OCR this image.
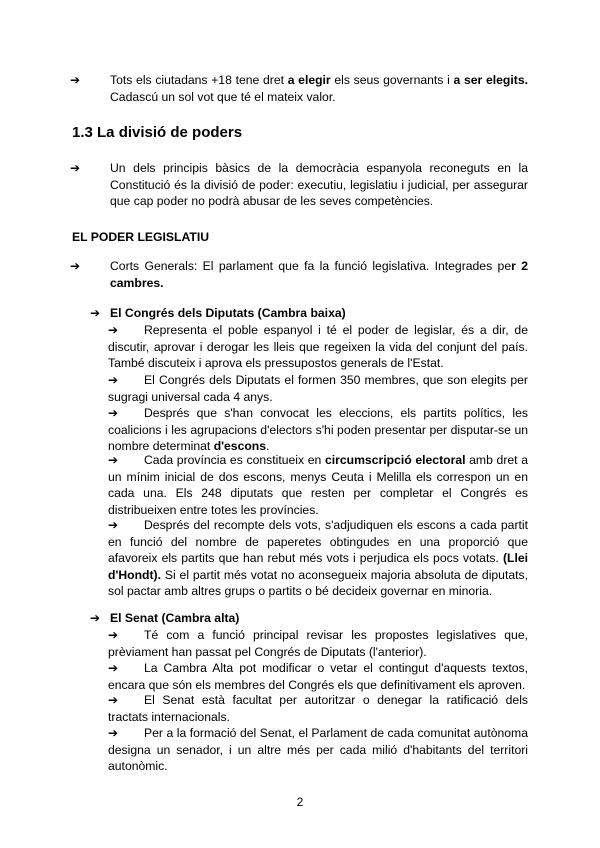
➔ Tots els ciutadans +18 tene dret a elegir els seus governants i a ser elegits. Cadascú un sol vot que té el mateix valor.
1.3 La divisió de poders
➔ Un dels principis bàsics de la democràcia espanyola reconeguts en la Constitució és la divisió de poder: executiu, legislatiu i judicial, per assegurar que cap poder no podrà abusar de les seves competències.
EL PODER LEGISLATIU
➔ Corts Generals: El parlament que fa la funció legislativa. Integrades per 2 cambres.
➔ El Congrés dels Diputats (Cambra baixa)
➔ Representa el poble espanyol i té el poder de legislar, és a dir, de discutir, aprovar i derogar les lleis que regeixen la vida del conjunt del país. També discuteix i aprova els pressupostos generals de l'Estat.
➔ El Congrés dels Diputats el formen 350 membres, que son elegits per sugragi universal cada 4 anys.
➔ Després que s'han convocat les eleccions, els partits polítics, les coalicions i les agrupacions d'electors s'hi poden presentar per disputar-se un nombre determinat d'escons.
➔ Cada província es constitueix en circumscripció electoral amb dret a un mínim inicial de dos escons, menys Ceuta i Melilla els correspon un en cada una. Els 248 diputats que resten per completar el Congrés es distribueixen entre totes les províncies.
➔ Després del recompte dels vots, s'adjudiquen els escons a cada partit en funció del nombre de paperetes obtingudes en una proporció que afavoreix els partits que han rebut més vots i perjudica els pocs votats. (Llei d'Hondt). Si el partit més votat no aconsegueix majoria absoluta de diputats, sol pactar amb altres grups o partits o bé decideix governar en minoria.
➔ El Senat (Cambra alta)
➔ Té com a funció principal revisar les propostes legislatives que, prèviament han passat pel Congrés de Diputats (l'anterior).
➔ La Cambra Alta pot modificar o vetar el contingut d'aquests textos, encara que són els membres del Congrés els que definitivament els aproven.
➔ El Senat està facultat per autoritzar o denegar la ratificació dels tractats internacionals.
➔ Per a la formació del Senat, el Parlament de cada comunitat autònoma designa un senador, i un altre més per cada milió d'habitants del territori autonòmic.
2
